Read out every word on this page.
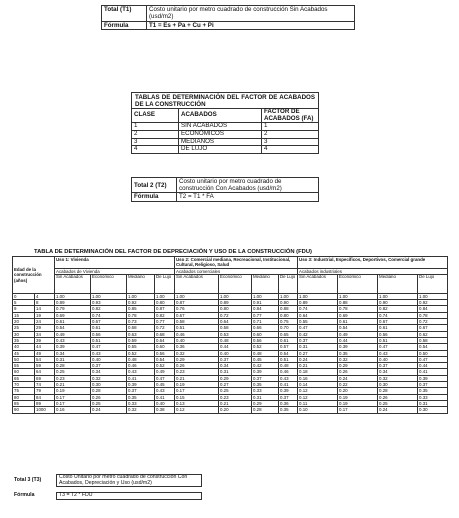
Total (T1)	Costo unitario por metro cuadrado de construcción Sin Acabados (usd/m2)
Fórmula	T1 = Es + Pa + Cu + Pi
TABLAS DE DETERMINACIÓN DEL FACTOR DE ACABADOS DE LA CONSTRUCCIÓN		
CLASE	ACABADOS	FACTOR DE ACABADOS (FA)
1	SIN ACABADOS	1
2	ECONÓMICOS	2
3	MEDIANOS	3
4	DE LUJO	4
Total 2 (T2)	Costo unitario por metro cuadrado de construcción Con Acabados (usd/m2)
Fórmula	T2 = T1 * FA
TABLA DE DETERMINACIÓN DEL FACTOR DE DEPRECIACIÓN Y USO DE LA CONSTRUCCIÓN (FDU)
Edad de la construcción (años)		Uso 1: Vivienda				Uso 2: Comercial mediana, Recreacional, Institucional, Cultural, Religioso, Salud				Uso 3: Industrial, Específicos, Deportivos, Comercial grande			
		Acabados de Vivienda				Acabados comerciales				Acabados industriales			
		Sin Acabados	Económico	Mediano	De Lujo	Sin Acabados	Económico	Mediano	De Lujo	Sin Acabados	Económico	Mediano	De Lujo
0	4	1.00	1.00	1.00	1.00	1.00	1.00	1.00	1.00	1.00	1.00	1.00	1.00
5	8	0.89	0.93	0.92	0.80	0.87	0.89	0.91	0.90	0.89	0.88	0.90	0.92
9	14	0.79	0.82	0.85	0.87	0.76	0.80	0.84	0.88	0.74	0.78	0.82	0.84
15	19	0.69	0.74	0.78	0.82	0.67	0.72	0.77	0.80	0.64	0.69	0.74	0.78
20	24	0.61	0.67	0.73	0.77	0.58	0.64	0.71	0.75	0.55	0.61	0.67	0.72
25	29	0.54	0.61	0.68	0.72	0.51	0.58	0.66	0.70	0.47	0.54	0.61	0.67
30	34	0.49	0.56	0.63	0.68	0.46	0.53	0.60	0.65	0.42	0.49	0.56	0.62
35	39	0.43	0.51	0.59	0.64	0.40	0.48	0.56	0.61	0.37	0.44	0.51	0.58
40	44	0.39	0.47	0.55	0.60	0.36	0.44	0.52	0.57	0.31	0.39	0.47	0.54
45	49	0.34	0.43	0.52	0.56	0.32	0.40	0.48	0.54	0.27	0.35	0.43	0.50
50	54	0.31	0.40	0.48	0.54	0.29	0.37	0.45	0.51	0.24	0.32	0.40	0.47
55	59	0.28	0.37	0.46	0.52	0.26	0.34	0.42	0.48	0.21	0.29	0.37	0.44
60	64	0.25	0.34	0.43	0.49	0.23	0.31	0.39	0.46	0.18	0.26	0.34	0.41
65	69	0.23	0.32	0.41	0.47	0.21	0.29	0.37	0.43	0.16	0.24	0.32	0.39
70	74	0.21	0.30	0.39	0.45	0.19	0.27	0.35	0.41	0.14	0.22	0.30	0.37
75	79	0.19	0.28	0.37	0.43	0.17	0.25	0.33	0.39	0.12	0.20	0.28	0.35
80	84	0.17	0.26	0.35	0.41	0.15	0.23	0.31	0.37	0.12	0.19	0.26	0.33
85	89	0.17	0.25	0.33	0.40	0.13	0.21	0.29	0.36	0.11	0.19	0.25	0.31
90	1000	0.16	0.24	0.32	0.38	0.12	0.20	0.28	0.35	0.10	0.17	0.24	0.30
Total 3 (T3)	Costo Unitario por metro cuadrado de construcción Con Acabados, Depreciación y Uso (usd/m2)

Fórmula	T3 = T2 * FDU
